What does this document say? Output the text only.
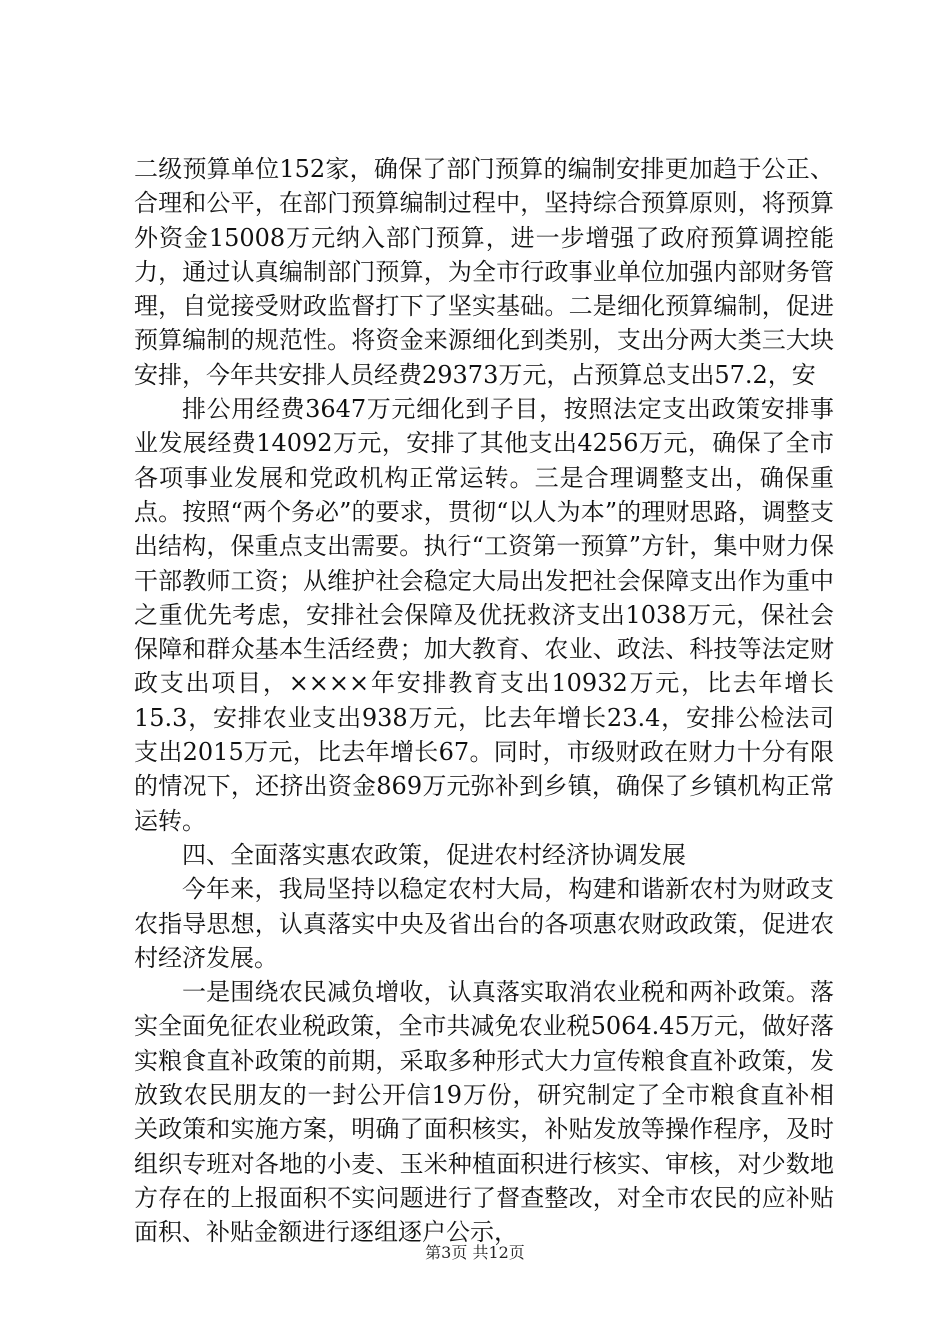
二级预算单位152家，确保了部门预算的编制安排更加趋于公正、合理和公平，在部门预算编制过程中，坚持综合预算原则，将预算外资金15008万元纳入部门预算，进一步增强了政府预算调控能力，通过认真编制部门预算，为全市行政事业单位加强内部财务管理，自觉接受财政监督打下了坚实基础。二是细化预算编制，促进预算编制的规范性。将资金来源细化到类别，支出分两大类三大块安排，今年共安排人员经费29373万元，占预算总支出57.2，安

排公用经费3647万元细化到子目，按照法定支出政策安排事业发展经费14092万元，安排了其他支出4256万元，确保了全市各项事业发展和党政机构正常运转。三是合理调整支出，确保重点。按照“两个务必”的要求，贯彻“以人为本”的理财思路，调整支出结构，保重点支出需要。执行“工资第一预算”方针，集中财力保干部教师工资；从维护社会稳定大局出发把社会保障支出作为重中之重优先考虑，安排社会保障及优抚救济支出1038万元，保社会保障和群众基本生活经费；加大教育、农业、政法、科技等法定财政支出项目，××××年安排教育支出10932万元，比去年增长15.3，安排农业支出938万元，比去年增长23.4，安排公检法司支出2015万元，比去年增长67。同时，市级财政在财力十分有限的情况下，还挤出资金869万元弥补到乡镇，确保了乡镇机构正常运转。

四、全面落实惠农政策，促进农村经济协调发展

今年来，我局坚持以稳定农村大局，构建和谐新农村为财政支农指导思想，认真落实中央及省出台的各项惠农财政政策，促进农村经济发展。

一是围绕农民减负增收，认真落实取消农业税和两补政策。落实全面免征农业税政策，全市共减免农业税5064.45万元，做好落实粮食直补政策的前期，采取多种形式大力宣传粮食直补政策，发放致农民朋友的一封公开信19万份，研究制定了全市粮食直补相关政策和实施方案，明确了面积核实，补贴发放等操作程序，及时组织专班对各地的小麦、玉米种植面积进行核实、审核，对少数地方存在的上报面积不实问题进行了督查整改，对全市农民的应补贴面积、补贴金额进行逐组逐户公示，

第3页 共12页
